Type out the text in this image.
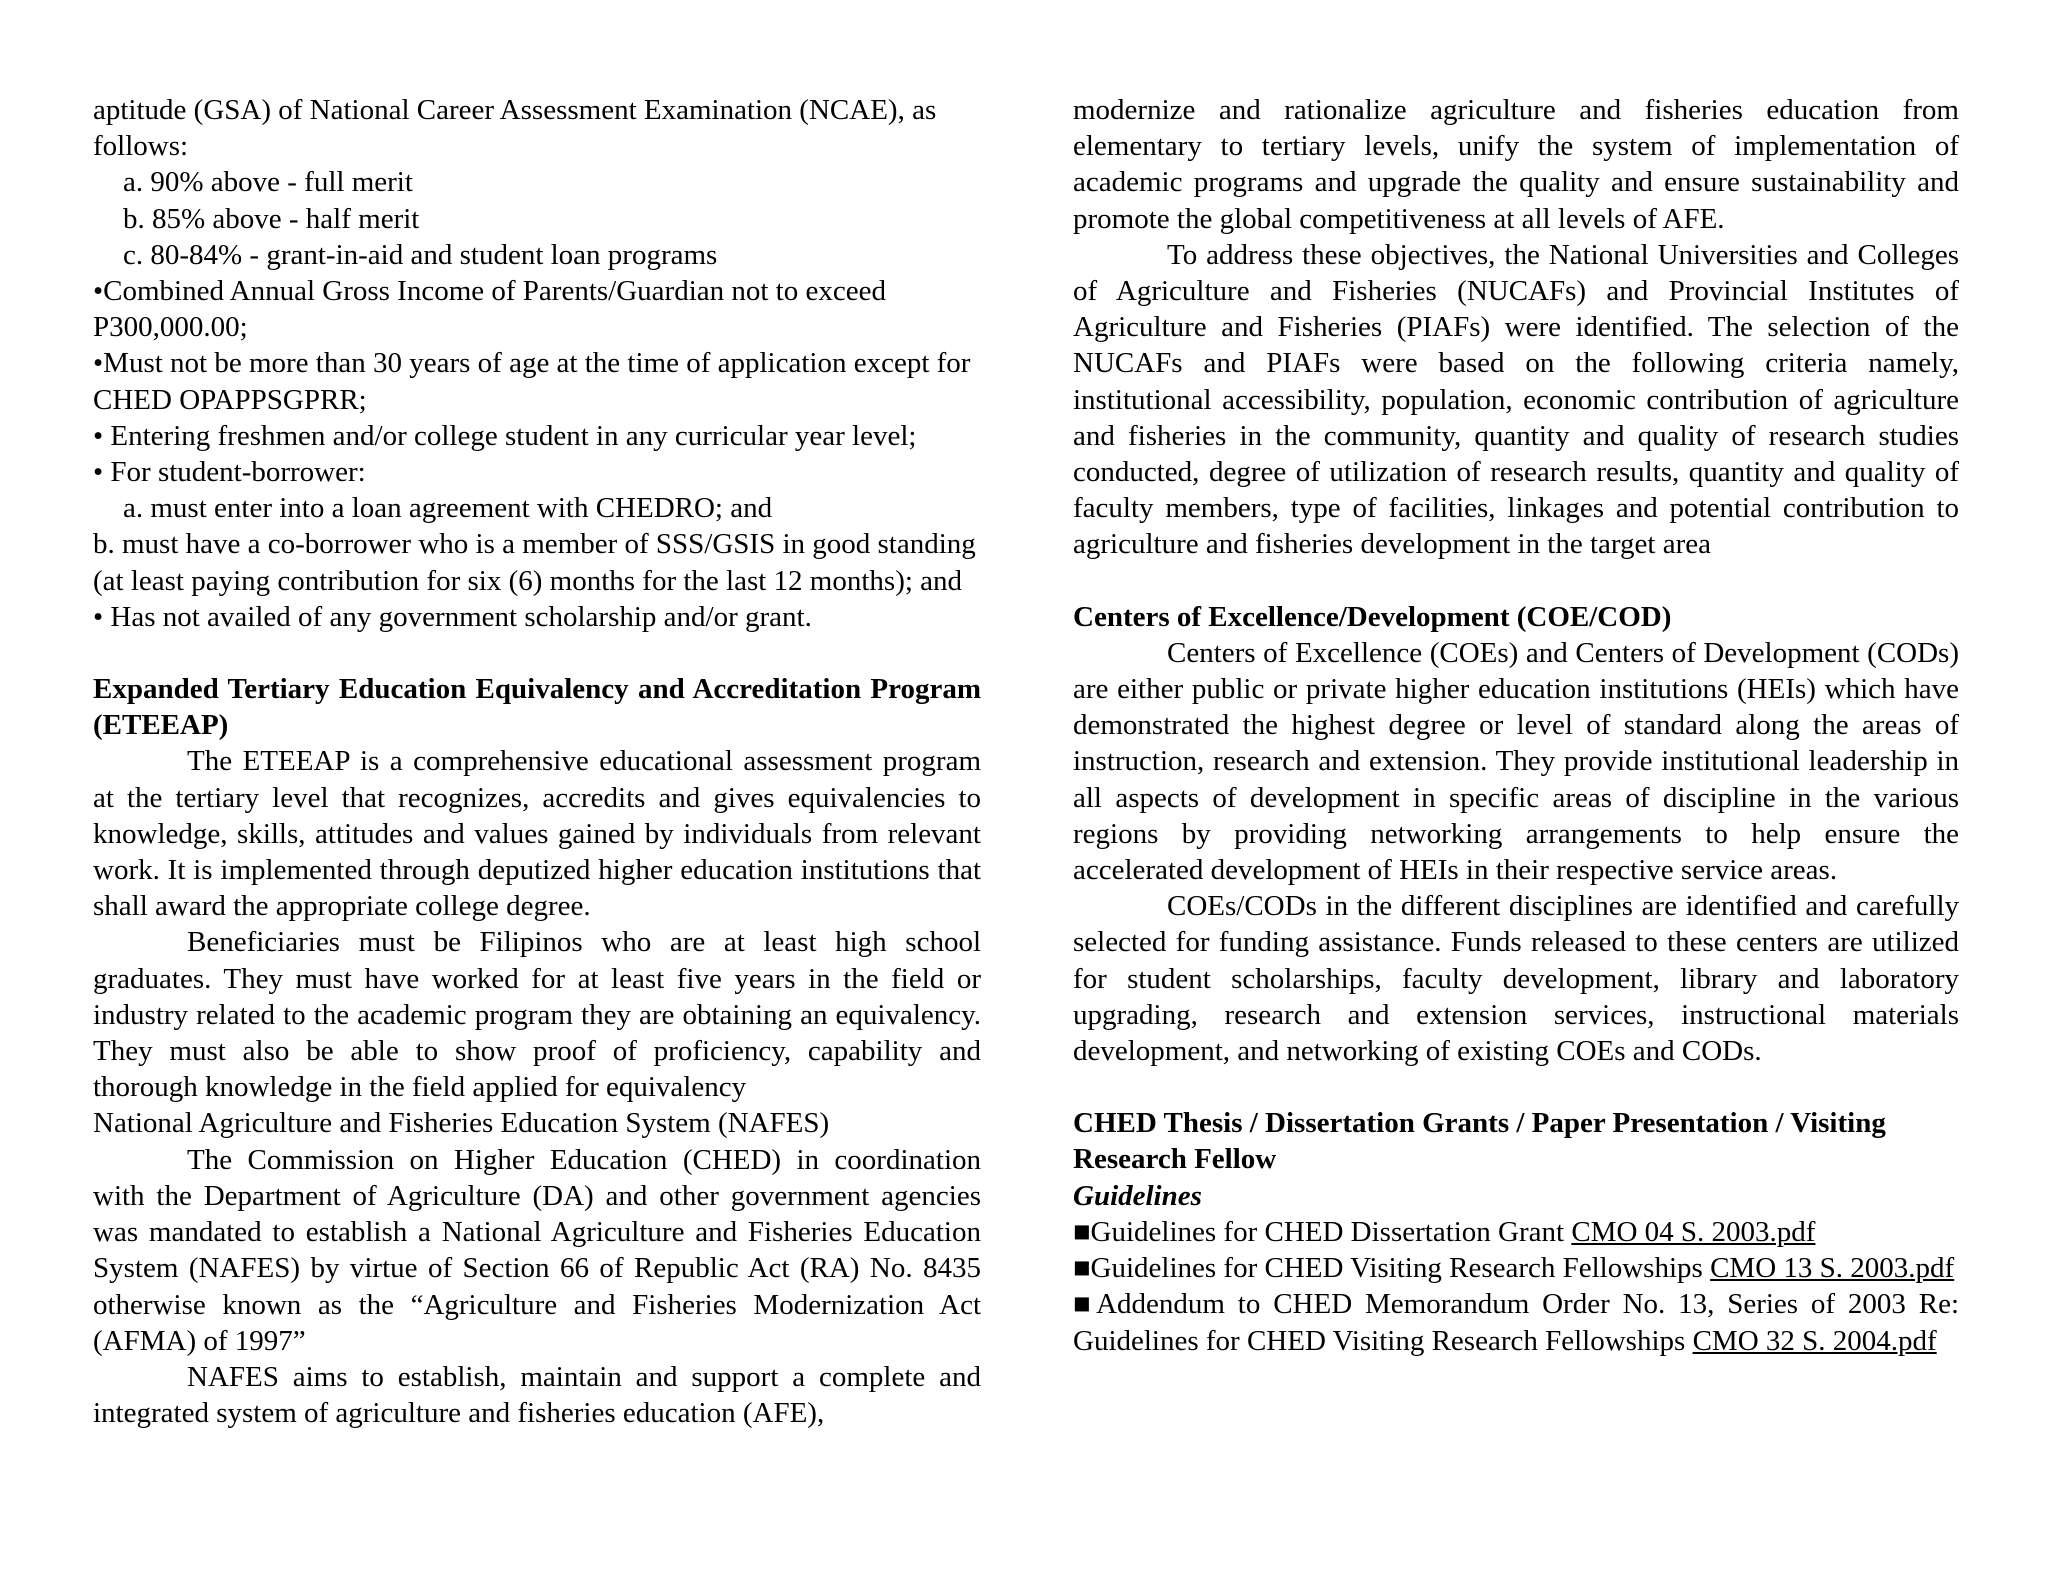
aptitude (GSA) of National Career Assessment Examination (NCAE), as follows:

a. 90% above - full merit

b. 85% above - half merit

c. 80-84% - grant-in-aid and student loan programs

•Combined Annual Gross Income of Parents/Guardian not to exceed P300,000.00;

•Must not be more than 30 years of age at the time of application except for CHED OPAPPSGPRR;

• Entering freshmen and/or college student in any curricular year level;

• For student-borrower:

a. must enter into a loan agreement with CHEDRO; and

b. must have a co-borrower who is a member of SSS/GSIS in good standing (at least paying contribution for six (6) months for the last 12 months); and

• Has not availed of any government scholarship and/or grant.

Expanded Tertiary Education Equivalency and Accreditation Program (ETEEAP)

The ETEEAP is a comprehensive educational assessment program at the tertiary level that recognizes, accredits and gives equivalencies to knowledge, skills, attitudes and values gained by individuals from relevant work. It is implemented through deputized higher education institutions that shall award the appropriate college degree.

Beneficiaries must be Filipinos who are at least high school graduates. They must have worked for at least five years in the field or industry related to the academic program they are obtaining an equivalency. They must also be able to show proof of proficiency, capability and thorough knowledge in the field applied for equivalency

National Agriculture and Fisheries Education System (NAFES)

The Commission on Higher Education (CHED) in coordination with the Department of Agriculture (DA) and other government agencies was mandated to establish a National Agriculture and Fisheries Education System (NAFES) by virtue of Section 66 of Republic Act (RA) No. 8435 otherwise known as the “Agriculture and Fisheries Modernization Act (AFMA) of 1997”

NAFES aims to establish, maintain and support a complete and integrated system of agriculture and fisheries education (AFE),

modernize and rationalize agriculture and fisheries education from elementary to tertiary levels, unify the system of implementation of academic programs and upgrade the quality and ensure sustainability and promote the global competitiveness at all levels of AFE.

To address these objectives, the National Universities and Colleges of Agriculture and Fisheries (NUCAFs) and Provincial Institutes of Agriculture and Fisheries (PIAFs) were identified. The selection of the NUCAFs and PIAFs were based on the following criteria namely, institutional accessibility, population, economic contribution of agriculture and fisheries in the community, quantity and quality of research studies conducted, degree of utilization of research results, quantity and quality of faculty members, type of facilities, linkages and potential contribution to agriculture and fisheries development in the target area

Centers of Excellence/Development (COE/COD)

Centers of Excellence (COEs) and Centers of Development (CODs) are either public or private higher education institutions (HEIs) which have demonstrated the highest degree or level of standard along the areas of instruction, research and extension. They provide institutional leadership in all aspects of development in specific areas of discipline in the various regions by providing networking arrangements to help ensure the accelerated development of HEIs in their respective service areas.

COEs/CODs in the different disciplines are identified and carefully selected for funding assistance. Funds released to these centers are utilized for student scholarships, faculty development, library and laboratory upgrading, research and extension services, instructional materials development, and networking of existing COEs and CODs.

CHED Thesis / Dissertation Grants / Paper Presentation / Visiting Research Fellow

Guidelines

■Guidelines for CHED Dissertation Grant CMO 04 S. 2003.pdf

■Guidelines for CHED Visiting Research Fellowships CMO 13 S. 2003.pdf

■Addendum to CHED Memorandum Order No. 13, Series of 2003 Re: Guidelines for CHED Visiting Research Fellowships CMO 32 S. 2004.pdf
